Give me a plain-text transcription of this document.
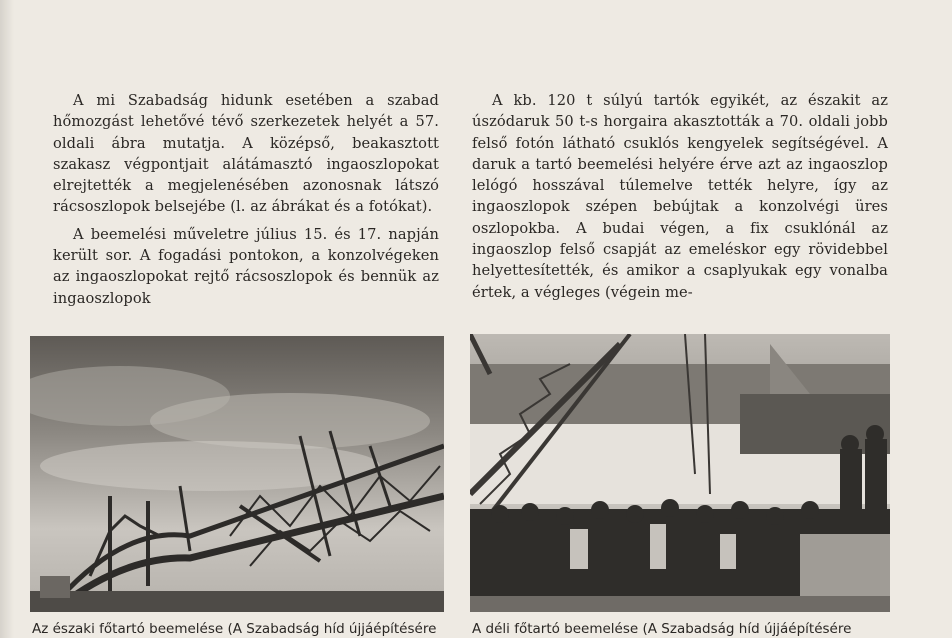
A mi Szabadság hidunk esetében a szabad hőmozgást lehetővé tévő szerkezetek helyét a 57. oldali ábra mutatja. A középső, beakasztott szakasz végpontjait alátámasztó ingaoszlopokat elrejtették a megjelenésében azonosnak látszó rácsoszlopok belsejébe (l. az ábrákat és a fotókat).

A beemelési műveletre július 15. és 17. napján került sor. A fogadási pontokon, a konzolvégeken az ingaoszlopokat rejtő rácsoszlopok és bennük az ingaoszlopok

A kb. 120 t súlyú tartók egyikét, az északit az úszódaruk 50 t-s horgaira akasztották a 70. oldali jobb felső fotón látható csuklós kengyelek segítségével. A daruk a tartó beemelési helyére érve azt az ingaoszlop lelógó hosszával túlemelve tették helyre, így az ingaoszlopok szépen bebújtak a konzolvégi üres oszlopokba. A budai végen, a fix csuklónál az ingaoszlop felső csapját az emeléskor egy rövidebbel helyettesítették, és amikor a csaplyukak egy vonalba értek, a végleges (végein me-

Az északi főtartó beemelése (A Szabadság híd újjáépítésére	A déli főtartó beemelése (A Szabadság híd újjáépítésére
